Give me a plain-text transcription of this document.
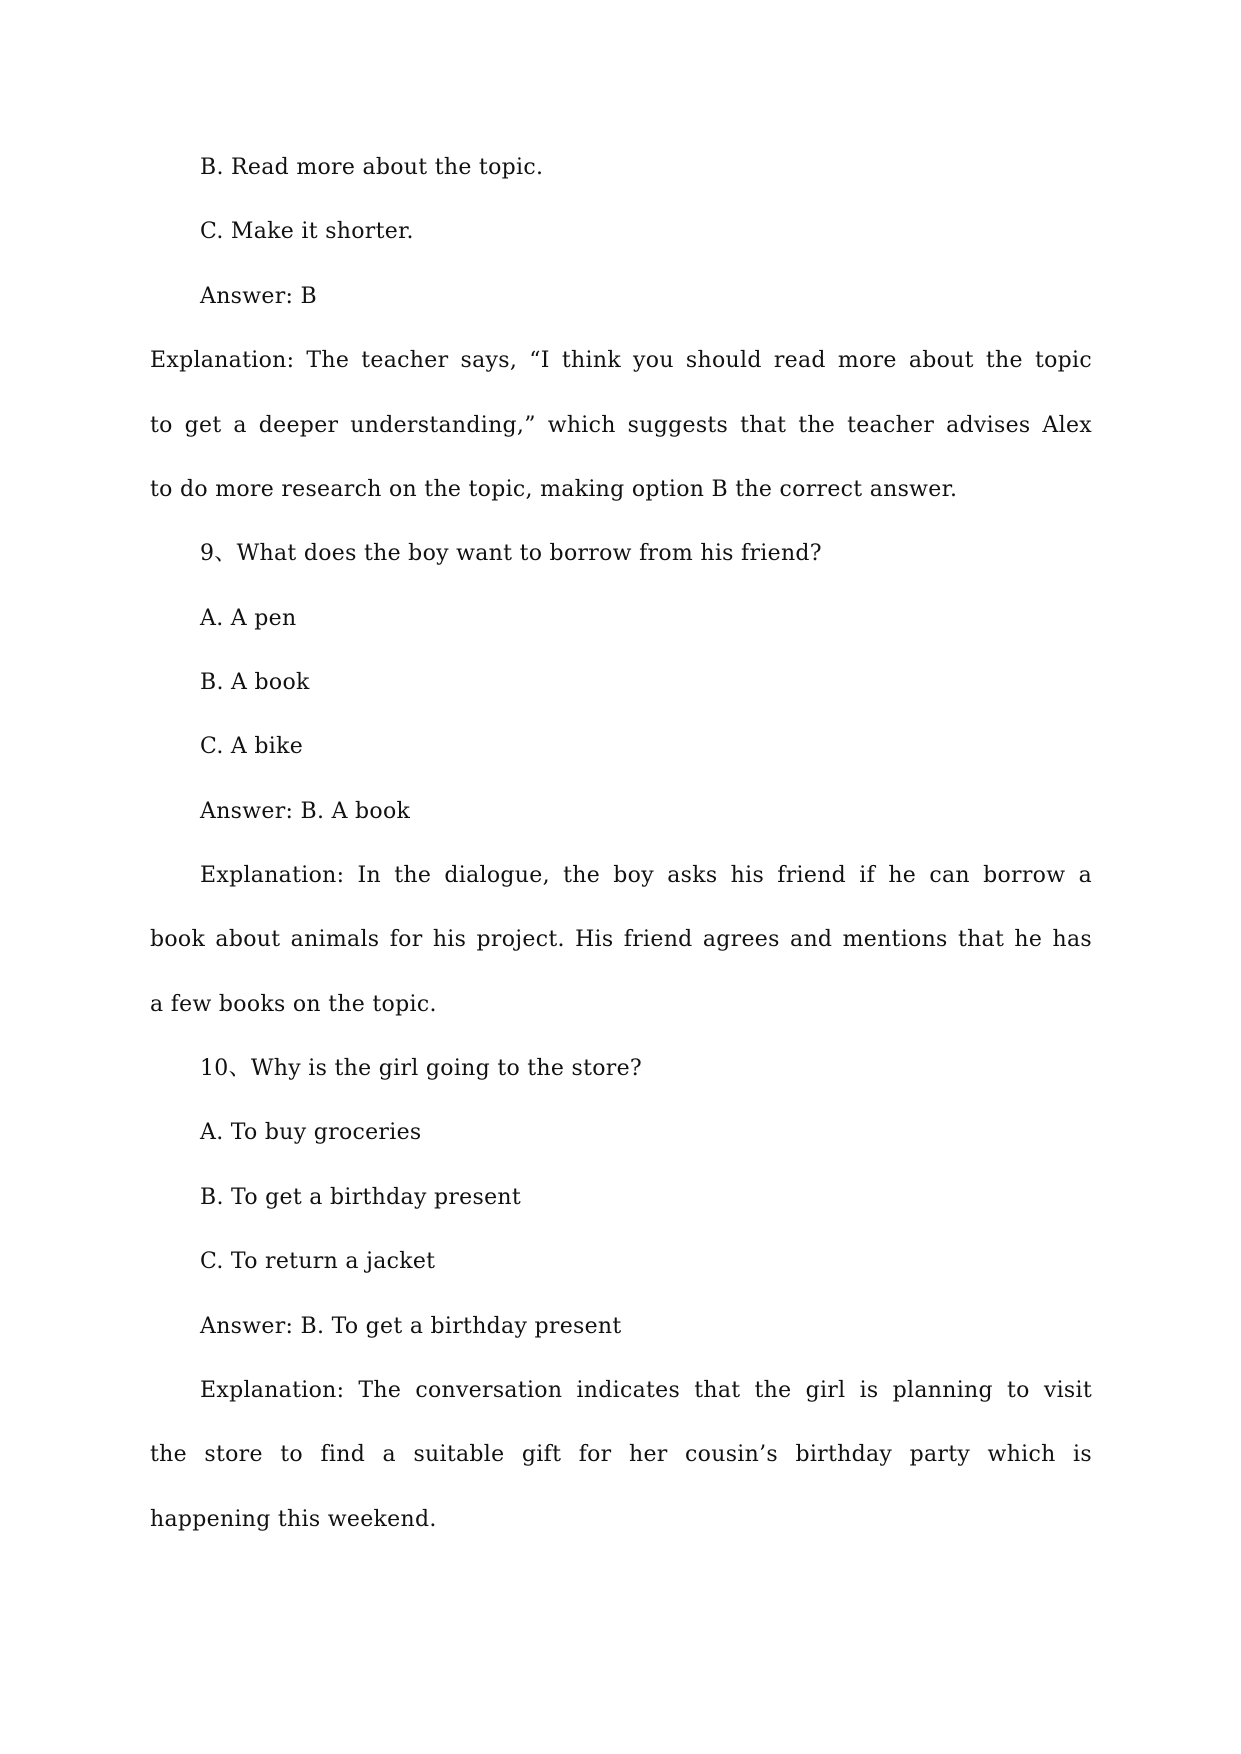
B. Read more about the topic.
C. Make it shorter.
Answer: B
Explanation: The teacher says, “I think you should read more about the topic
to get a deeper understanding,” which suggests that the teacher advises Alex
to do more research on the topic, making option B the correct answer.
9、What does the boy want to borrow from his friend?
A. A pen
B. A book
C. A bike
Answer: B. A book
Explanation: In the dialogue, the boy asks his friend if he can borrow a
book about animals for his project. His friend agrees and mentions that he has
a few books on the topic.
10、Why is the girl going to the store?
A. To buy groceries
B. To get a birthday present
C. To return a jacket
Answer: B. To get a birthday present
Explanation: The conversation indicates that the girl is planning to visit
the store to find a suitable gift for her cousin’s birthday party which is
happening this weekend.
